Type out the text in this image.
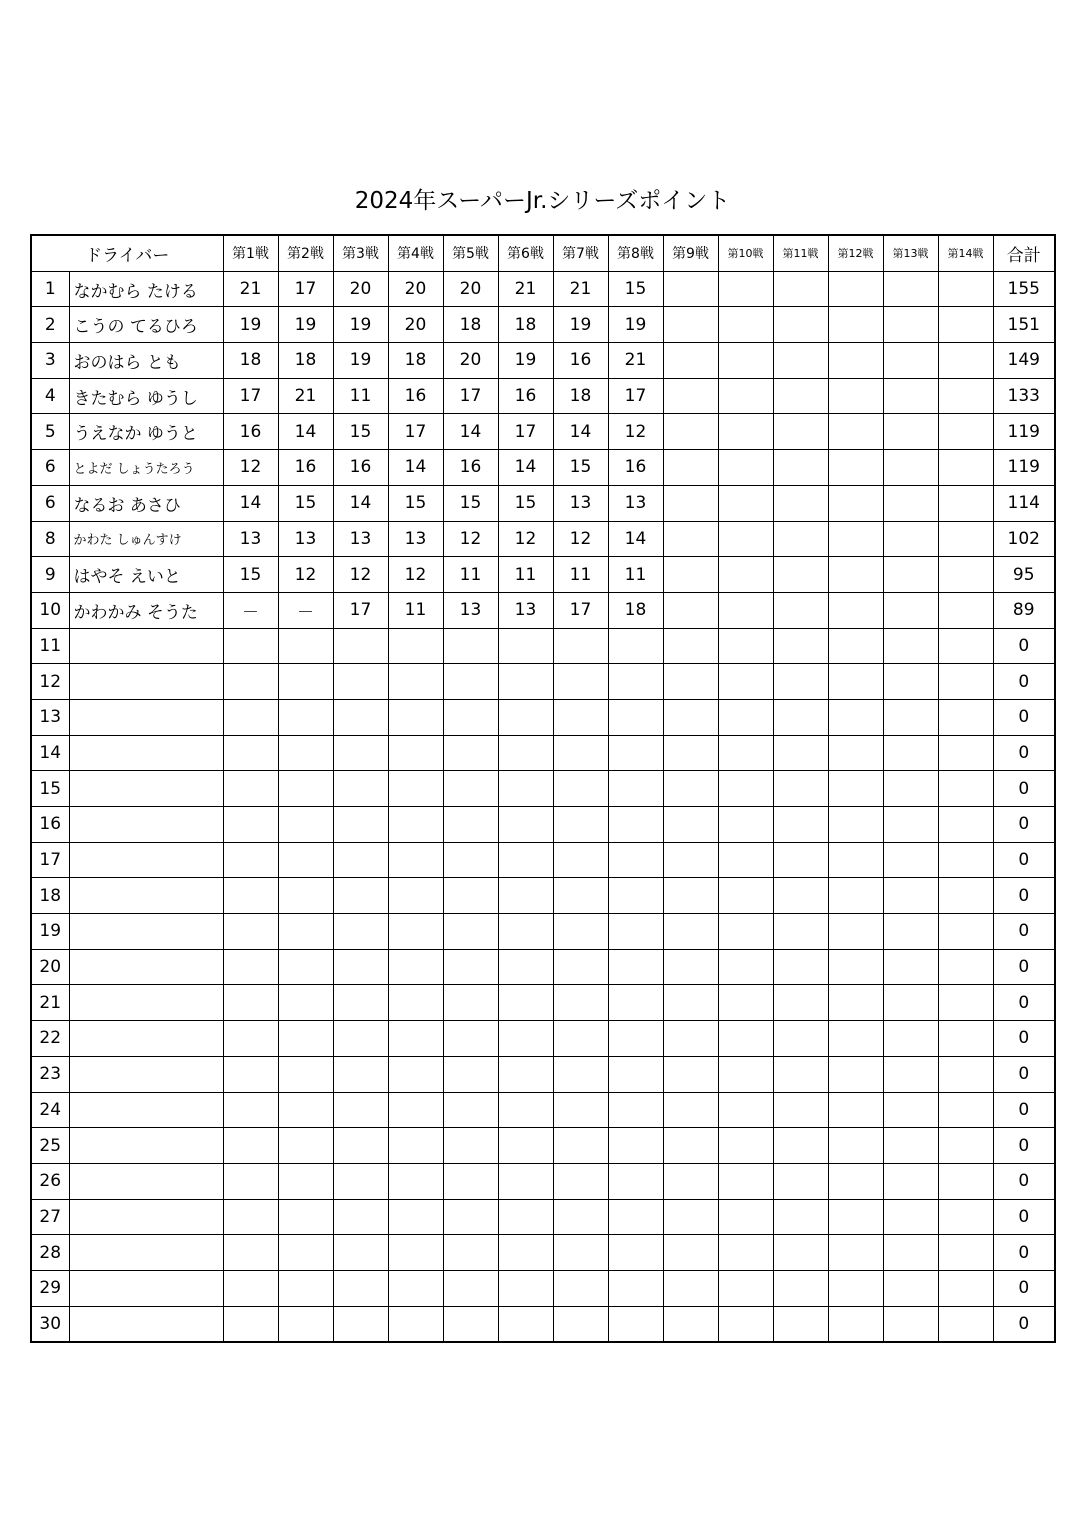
2024年スーパーJr.シリーズポイント
ドライバー		第1戦	第2戦	第3戦	第4戦	第5戦	第6戦	第7戦	第8戦	第9戦	第10戦	第11戦	第12戦	第13戦	第14戦	合計
1	なかむら たける	21	17	20	20	20	21	21	15							155
2	こうの てるひろ	19	19	19	20	18	18	19	19							151
3	おのはら とも	18	18	19	18	20	19	16	21							149
4	きたむら ゆうし	17	21	11	16	17	16	18	17							133
5	うえなか ゆうと	16	14	15	17	14	17	14	12							119
6	とよだ しょうたろう	12	16	16	14	16	14	15	16							119
6	なるお あさひ	14	15	14	15	15	15	13	13							114
8	かわた しゅんすけ	13	13	13	13	12	12	12	14							102
9	はやそ えいと	15	12	12	12	11	11	11	11							95
10	かわかみ そうた	－	－	17	11	13	13	17	18							89
11																0
12																0
13																0
14																0
15																0
16																0
17																0
18																0
19																0
20																0
21																0
22																0
23																0
24																0
25																0
26																0
27																0
28																0
29																0
30																0
